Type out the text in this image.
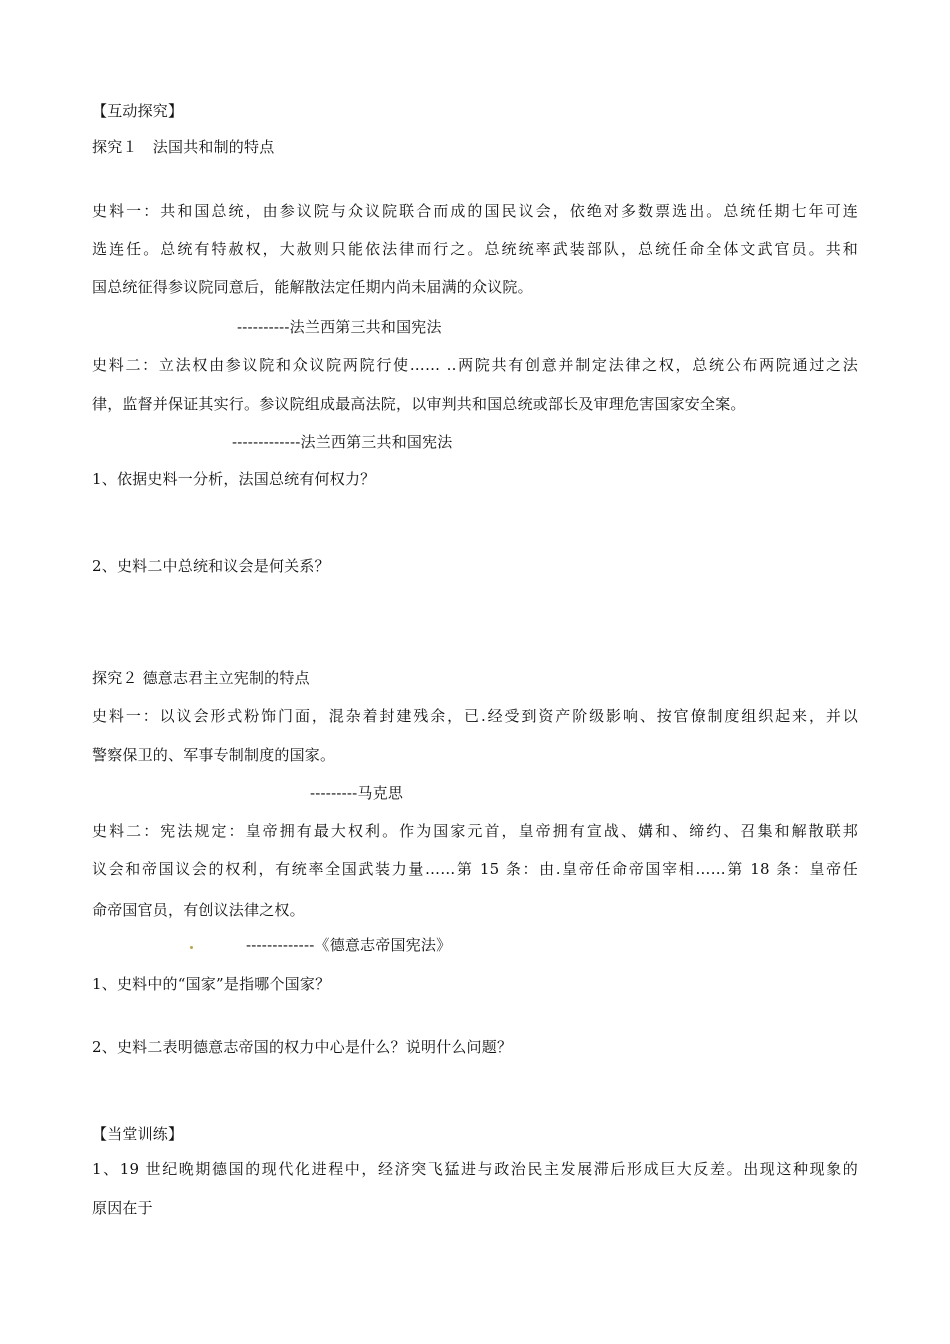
【互动探究】
探究１　法国共和制的特点
史料一：共和国总统，由参议院与众议院联合而成的国民议会，依绝对多数票选出。总统任期七年可连
选连任。总统有特赦权，大赦则只能依法律而行之。总统统率武装部队，总统任命全体文武官员。共和
国总统征得参议院同意后，能解散法定任期内尚未届满的众议院。
----------法兰西第三共和国宪法
史料二：立法权由参议院和众议院两院行使…… ..两院共有创意并制定法律之权，总统公布两院通过之法
律，监督并保证其实行。参议院组成最高法院，以审判共和国总统或部长及审理危害国家安全案。
-------------法兰西第三共和国宪法
1、依据史料一分析，法国总统有何权力？
2、史料二中总统和议会是何关系？
探究２ 德意志君主立宪制的特点
史料一：以议会形式粉饰门面，混杂着封建残余，已.经受到资产阶级影响、按官僚制度组织起来，并以
警察保卫的、军事专制制度的国家。
---------马克思
史料二：宪法规定：皇帝拥有最大权利。作为国家元首，皇帝拥有宣战、媾和、缔约、召集和解散联邦
议会和帝国议会的权利，有统率全国武装力量……第 15 条：由.皇帝任命帝国宰相……第 18 条：皇帝任
命帝国官员，有创议法律之权。
-------------《德意志帝国宪法》
1、史料中的“国家”是指哪个国家？
2、史料二表明德意志帝国的权力中心是什么？说明什么问题？
【当堂训练】
1、19 世纪晚期德国的现代化进程中，经济突飞猛进与政治民主发展滞后形成巨大反差。出现这种现象的
原因在于
